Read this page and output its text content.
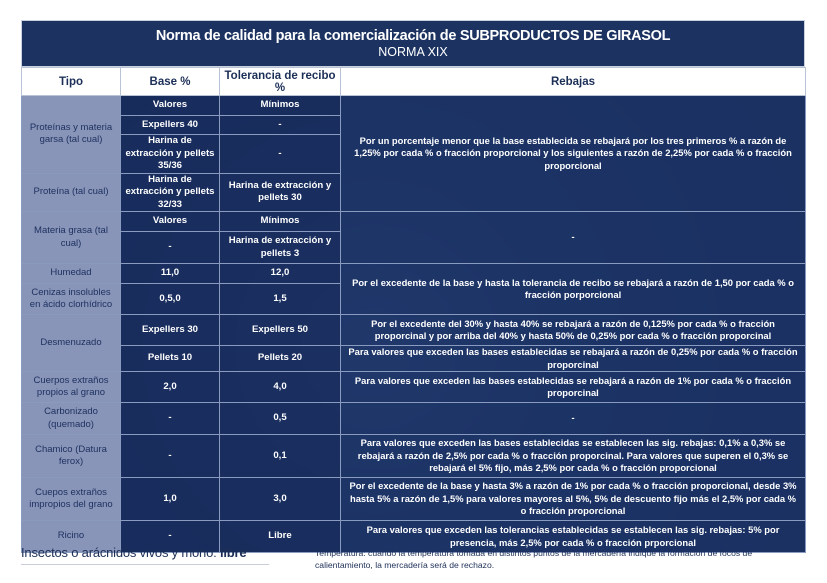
Norma de calidad para la comercialización de SUBPRODUCTOS DE GIRASOL
NORMA XIX
Tipo	Base %	Tolerancia de recibo %	Rebajas
Proteínas y materia garsa (tal cual)	Valores	Mínimos	Por un porcentaje menor que la base establecida se rebajará por los tres primeros % a razón de 1,25% por cada % o fracción proporcional y los siguientes a razón de 2,25% por cada % o fracción proporcional
	Expellers 40	-	
	Harina de extracción y pellets 35/36	-	
Proteína (tal cual)	Harina de extracción y pellets 32/33	Harina de extracción y pellets 30	
Materia grasa (tal cual)	Valores	Mínimos	-
	-	Harina de extracción y pellets 3	
Humedad	11,0	12,0	Por el excedente de la base y hasta la tolerancia de recibo se rebajará a razón de 1,50 por cada % o fracción porporcional
Cenizas insolubles en ácido clorhídrico	0,5,0	1,5	
Desmenuzado	Expellers 30	Expellers 50	Por el excedente del 30% y hasta 40% se rebajará a razón de 0,125% por cada % o fracción proporcinal y por arriba del 40% y hasta 50% de 0,25% por cada % o fracción proporcinal
	Pellets 10	Pellets 20	Para valores que exceden las bases establecidas se rebajará a razón de 0,25% por cada % o fracción proporcinal
Cuerpos extraños propios al grano	2,0	4,0	Para valores que exceden las bases establecidas se rebajará a razón de 1% por cada % o fracción proporcinal
Carbonizado (quemado)	-	0,5	-
Chamico (Datura ferox)	-	0,1	Para valores que exceden las bases establecidas se establecen las sig. rebajas: 0,1% a 0,3% se rebajará a razón de 2,5% por cada % o fracción proporcinal. Para valores que superen el 0,3% se rebajará el 5% fijo, más 2,5% por cada % o fracción proporcional
Cuepos extraños impropios del grano	1,0	3,0	Por el excedente de la base y hasta 3% a razón de 1% por cada % o fracción proporcional, desde 3% hasta 5% a razón de 1,5% para valores mayores al 5%, 5% de descuento fijo más el 2,5% por cada % o fracción proporcional
Ricino	-	Libre	Para valores que exceden las tolerancias establecidas se establecen las sig. rebajas: 5% por presencia, más 2,5% por cada % o fracción prporcional
Insectos o arácnidos vivos y moho: libre	Temperatura: cuando la temperatura tomada en distintos puntos de la mercadería indique la formación de focos de calientamiento, la mercadería será de rechazo.
